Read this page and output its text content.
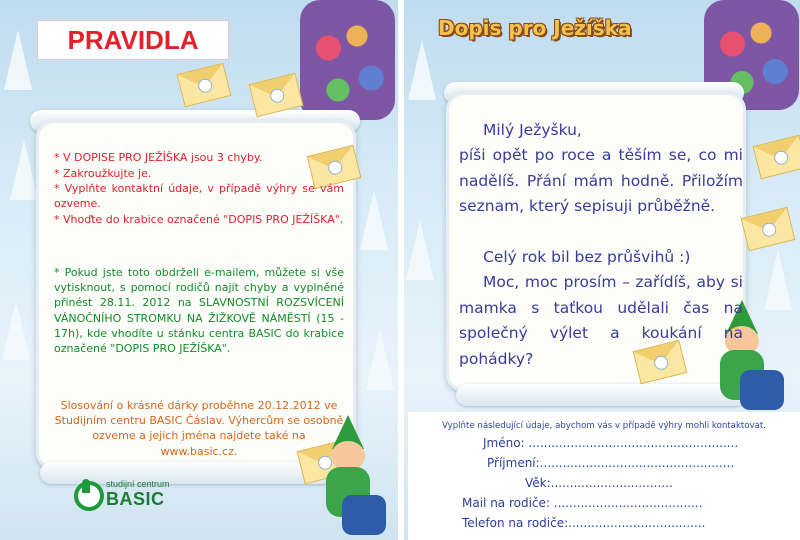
PRAVIDLA

* V DOPISE PRO JEŽÍŠKA jsou 3 chyby.

* Zakroužkujte je.

* Vyplňte kontaktní údaje, v případě výhry se vám ozveme.

* Vhoďte do krabice označené "DOPIS PRO JEŽÍŠKA".

* Pokud jste toto obdrželi e-mailem, můžete si vše vytisknout, s pomocí rodičů najít chyby a vyplněné přinést 28.11. 2012 na SLAVNOSTNÍ ROZSVÍCENÍ VÁNOČNÍHO STROMKU NA ŽIŽKOVĚ NÁMĚSTÍ (15 - 17h), kde vhodíte u stánku centra BASIC do krabice označené "DOPIS PRO JEŽÍŠKA".

Slosování o krásné dárky proběhne 20.12.2012 ve Studijním centru BASIC Čáslav. Výhercům se osobně ozveme a jejich jména najdete také na www.basic.cz.

studijní centrum
BASIC
Dopis pro Ježíška

Milý Ježyšku,

píši opět po roce a těším se, co mi nadělíš. Přání mám hodně. Přiložím seznam, který sepisuji průběžně.

Celý rok bil bez průšvihů :)

Moc, moc prosím – zařídíš, aby si mamka s taťkou udělali čas na společný výlet a koukání na pohádky?

Vyplňte následující údaje, abychom vás v případě výhry mohli kontaktovat.

Jméno: .......................................................

Příjmení:...................................................

Věk:................................

Mail na rodiče: .......................................

Telefon na rodiče:....................................
